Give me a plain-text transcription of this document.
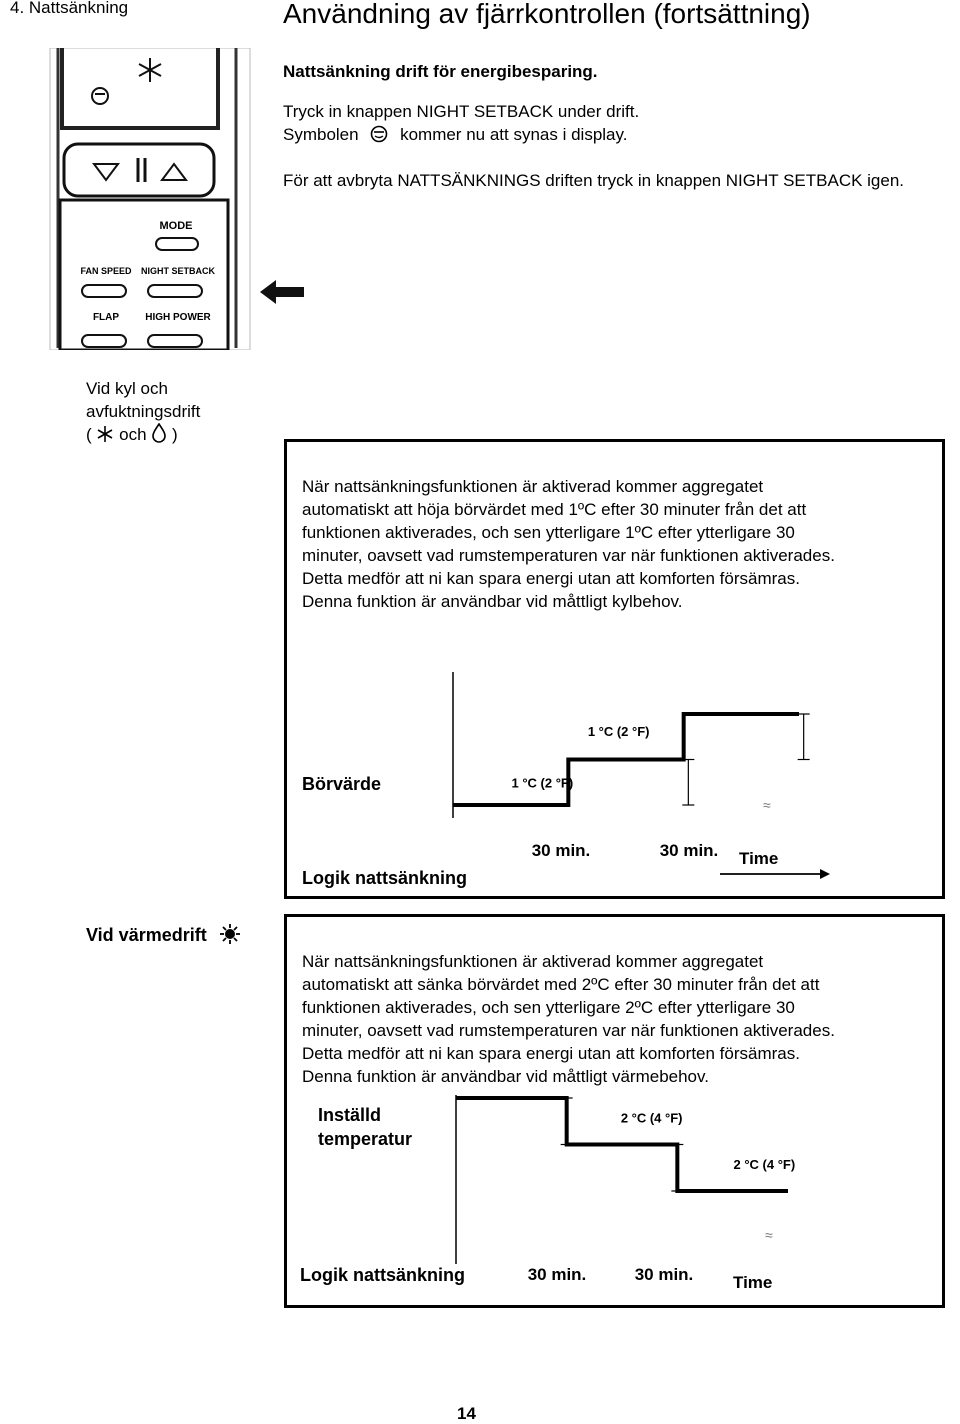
4. Nattsänkning	Användning av fjärrkontrollen (fortsättning)
MODE
FAN SPEED NIGHT SETBACK
FLAP	HIGH POWER

Nattsänkning drift för energibesparing.

Tryck in knappen NIGHT SETBACK under drift.

Symbolen kommer nu att synas i display.

För att avbryta NATTSÄNKNINGS driften tryck in knappen NIGHT SETBACK igen.

Vid kyl och
avfuktningsdrift
( och )

När nattsänkningsfunktionen är aktiverad kommer aggregatet

automatiskt att höja börvärdet med 1ºC efter 30 minuter från det att

funktionen aktiverades, och sen ytterligare 1ºC efter ytterligare 30

minuter, oavsett vad rumstemperaturen var när funktionen aktiverades.

Detta medför att ni kan spara energi utan att komforten försämras.

Denna funktion är användbar vid måttligt kylbehov.

Börvärde
Logik nattsänkning
1 °C (2 °F)
1 °C (2 °F)
≈
30 min.	30 min. Time
Vid värmedrift

När nattsänkningsfunktionen är aktiverad kommer aggregatet

automatiskt att sänka börvärdet med 2ºC efter 30 minuter från det att

funktionen aktiverades, och sen ytterligare 2ºC efter ytterligare 30

minuter, oavsett vad rumstemperaturen var när funktionen aktiverades.

Detta medför att ni kan spara energi utan att komforten försämras.

Denna funktion är användbar vid måttligt värmebehov.

Inställd
temperatur
Logik nattsänkning
2 °C (4 °F)
2 °C (4 °F)
≈
30 min.	30 min. Time
14
